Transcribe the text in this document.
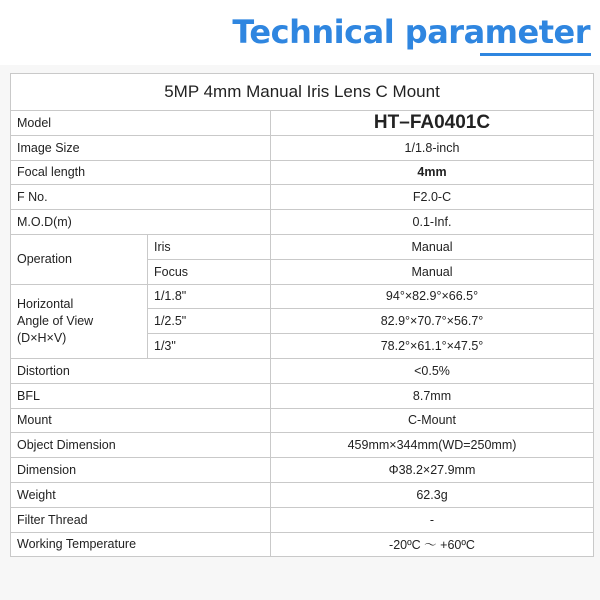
Technical parameter
5MP 4mm Manual Iris Lens C Mount		
Model		HT–FA0401C
Image Size		1/1.8-inch
Focal length		4mm
F No.		F2.0-C
M.O.D(m)		0.1-Inf.
Operation	Iris	Manual
	Focus	Manual

Horizontal
Angle of View
(D×H×V)	1/1.8"	94°×82.9°×66.5°
	1/2.5"	82.9°×70.7°×56.7°
	1/3"	78.2°×61.1°×47.5°
Distortion		<0.5%
BFL		8.7mm
Mount		C-Mount
Object Dimension		459mm×344mm(WD=250mm)
Dimension		Φ38.2×27.9mm
Weight		62.3g
Filter Thread		-
Working Temperature		-20ºC ～ +60ºC
